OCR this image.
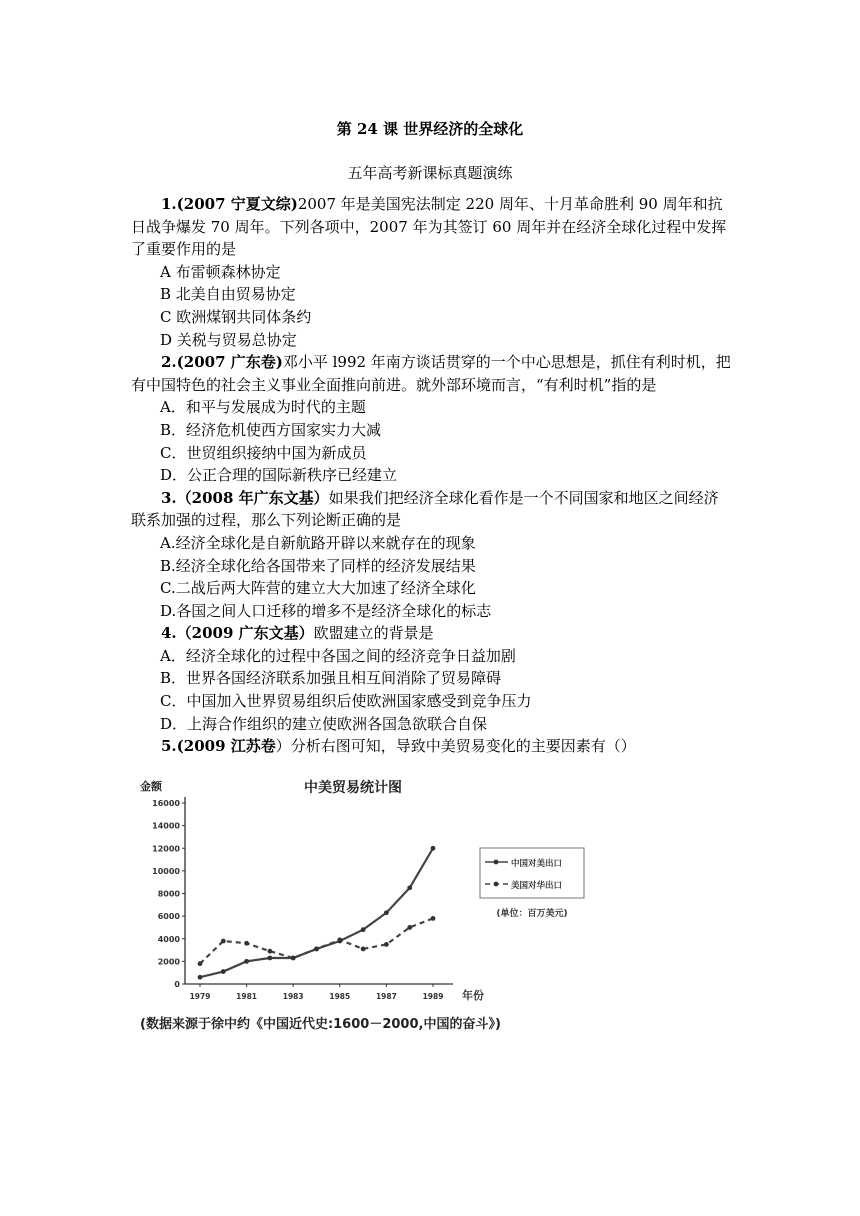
第 24 课 世界经济的全球化
五年高考新课标真题演练

1.(2007 宁夏文综)2007 年是美国宪法制定 220 周年、十月革命胜利 90 周年和抗日战争爆发 70 周年。下列各项中，2007 年为其签订 60 周年并在经济全球化过程中发挥了重要作用的是

A 布雷顿森林协定

B 北美自由贸易协定

C 欧洲煤钢共同体条约

D 关税与贸易总协定

2.(2007 广东卷)邓小平 l992 年南方谈话贯穿的一个中心思想是，抓住有利时机，把有中国特色的社会主义事业全面推向前进。就外部环境而言，“有利时机”指的是

A．和平与发展成为时代的主题

B．经济危机使西方国家实力大减

C．世贸组织接纳中国为新成员

D．公正合理的国际新秩序已经建立

3.（2008 年广东文基）如果我们把经济全球化看作是一个不同国家和地区之间经济联系加强的过程，那么下列论断正确的是

A.经济全球化是自新航路开辟以来就存在的现象

B.经济全球化给各国带来了同样的经济发展结果

C.二战后两大阵营的建立大大加速了经济全球化

D.各国之间人口迁移的增多不是经济全球化的标志

4.（2009 广东文基）欧盟建立的背景是

A．经济全球化的过程中各国之间的经济竞争日益加剧

B．世界各国经济联系加强且相互间消除了贸易障碍

C．中国加入世界贸易组织后使欧洲国家感受到竞争压力

D．上海合作组织的建立使欧洲各国急欲联合自保

5.(2009 江苏卷）分析右图可知，导致中美贸易变化的主要因素有（）

中美贸易统计图
金额
0
2000
4000
6000
8000
10000
12000
14000
16000
1979	1981	1983	1985	1987	1989 年份
中国对美出口
美国对华出口
(单位：百万美元)
(数据来源于徐中约《中国近代史:1600－2000,中国的奋斗》)
